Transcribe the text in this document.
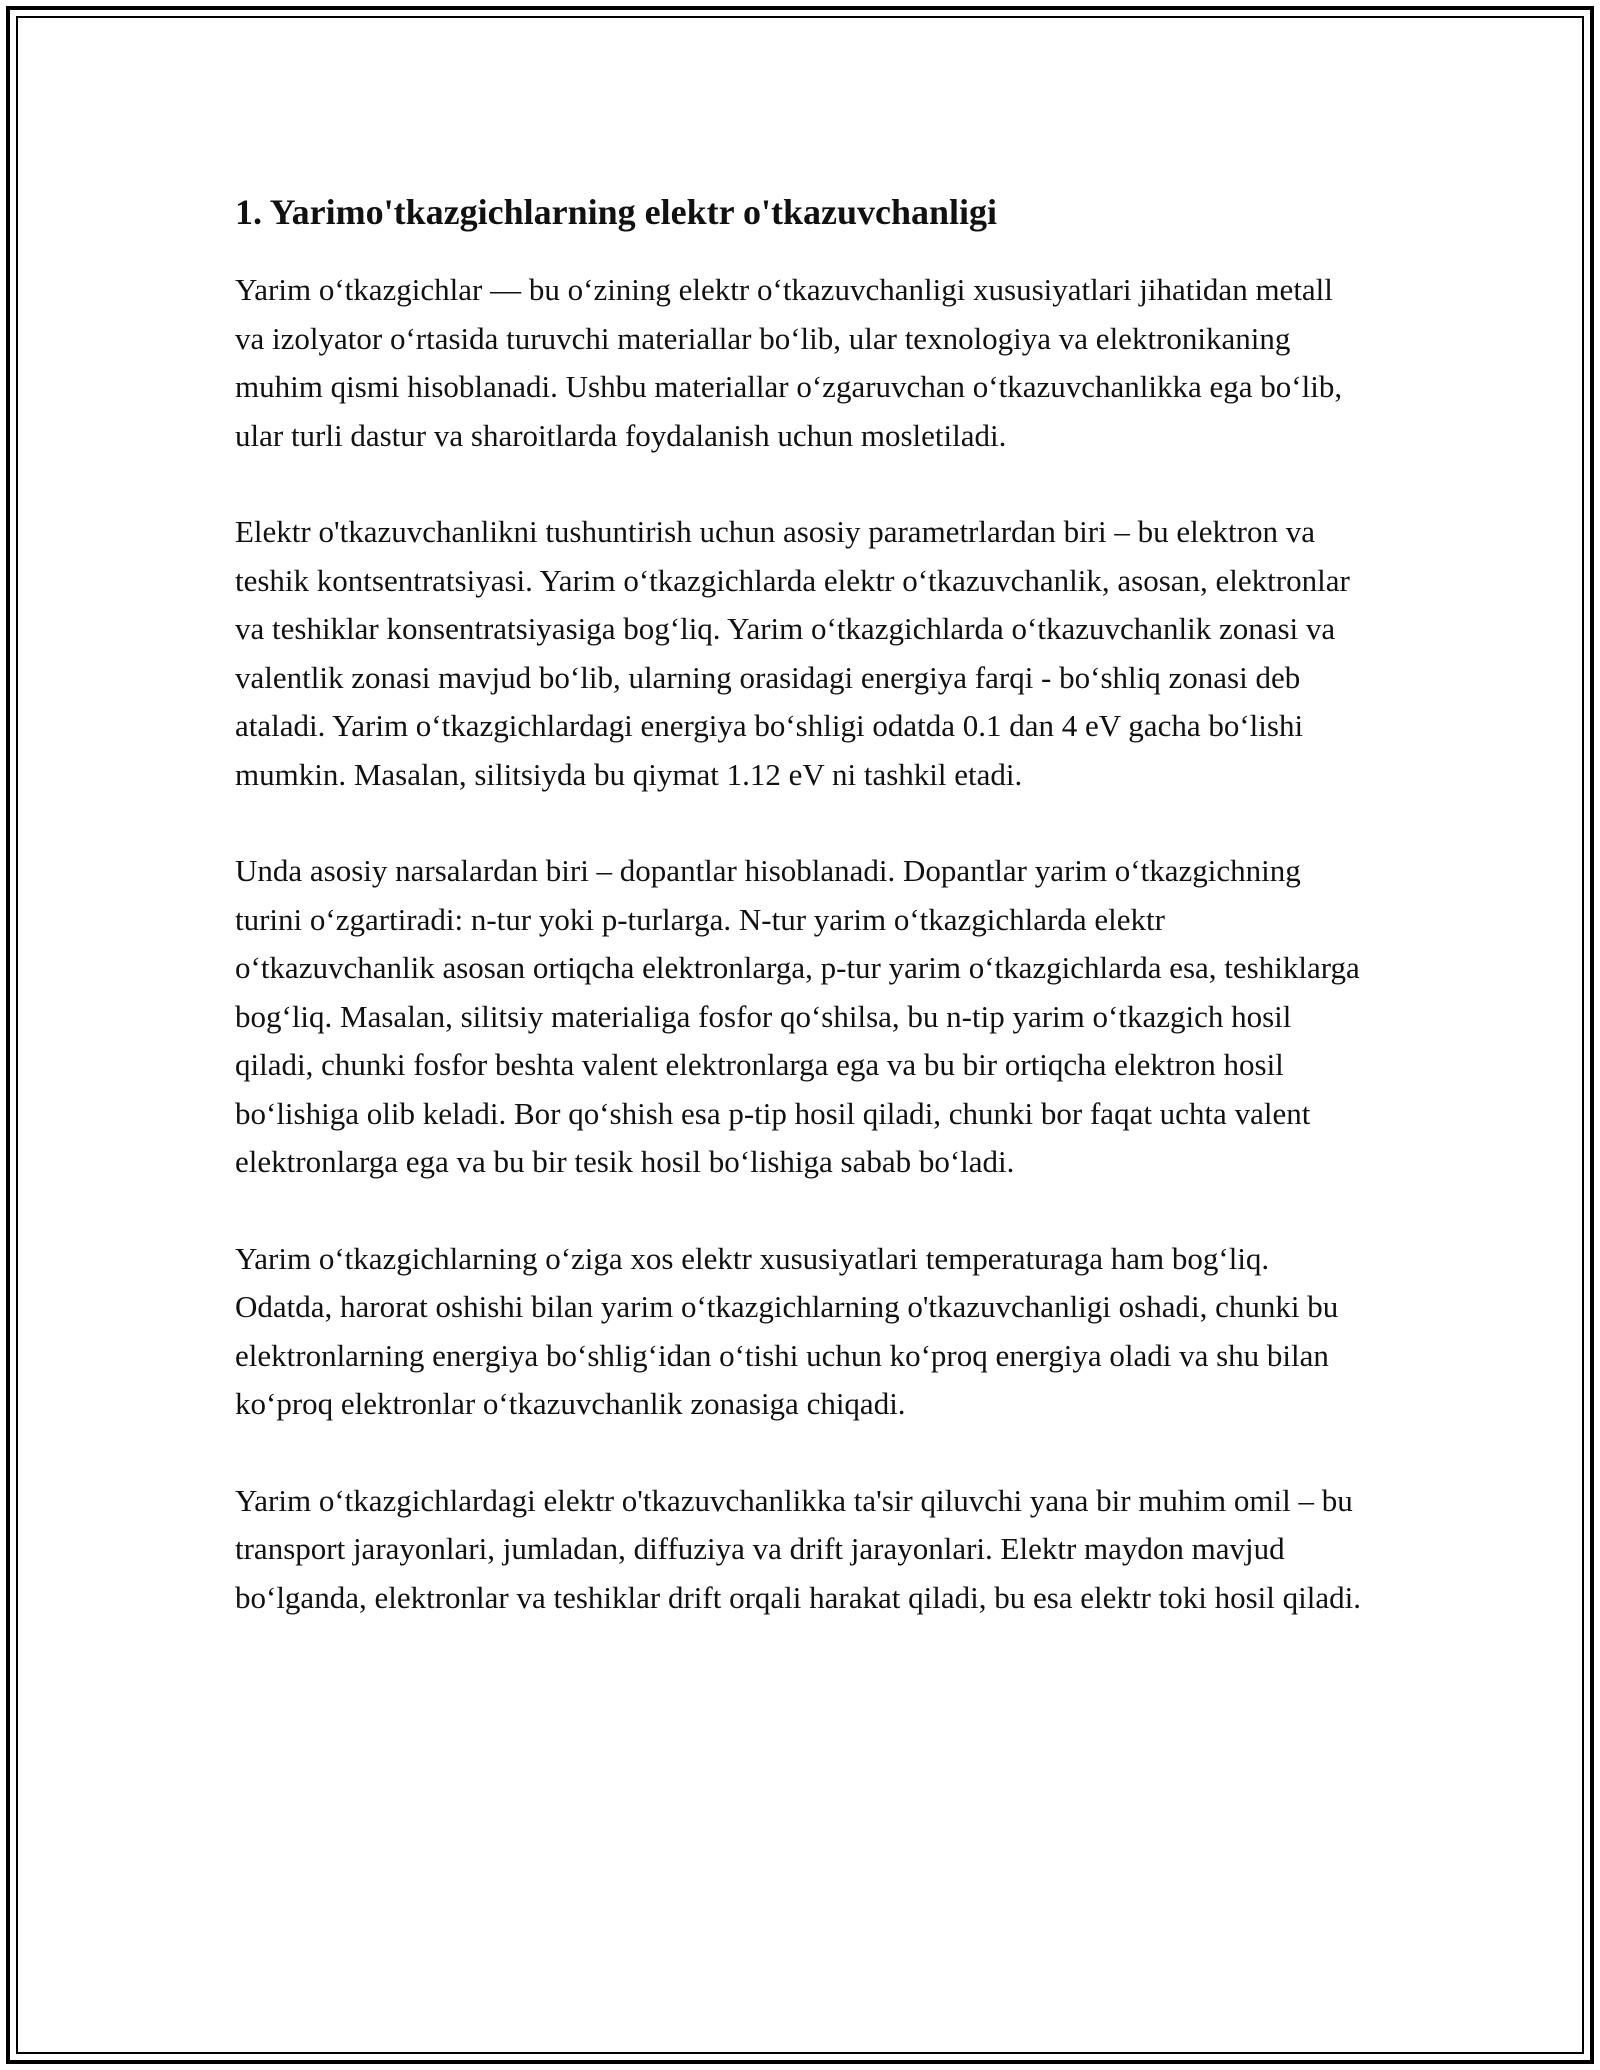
1. Yarimo'tkazgichlarning elektr o'tkazuvchanligi

Yarim o‘tkazgichlar — bu o‘zining elektr o‘tkazuvchanligi xususiyatlari jihatidan metall va izolyator o‘rtasida turuvchi materiallar bo‘lib, ular texnologiya va elektronikaning muhim qismi hisoblanadi. Ushbu materiallar o‘zgaruvchan o‘tkazuvchanlikka ega bo‘lib, ular turli dastur va sharoitlarda foydalanish uchun mosletiladi.

Elektr o'tkazuvchanlikni tushuntirish uchun asosiy parametrlardan biri – bu elektron va teshik kontsentratsiyasi. Yarim o‘tkazgichlarda elektr o‘tkazuvchanlik, asosan, elektronlar va teshiklar konsentratsiyasiga bog‘liq. Yarim o‘tkazgichlarda o‘tkazuvchanlik zonasi va valentlik zonasi mavjud bo‘lib, ularning orasidagi energiya farqi - bo‘shliq zonasi deb ataladi. Yarim o‘tkazgichlardagi energiya bo‘shligi odatda 0.1 dan 4 eV gacha bo‘lishi mumkin. Masalan, silitsiyda bu qiymat 1.12 eV ni tashkil etadi.

Unda asosiy narsalardan biri – dopantlar hisoblanadi. Dopantlar yarim o‘tkazgichning turini o‘zgartiradi: n-tur yoki p-turlarga. N-tur yarim o‘tkazgichlarda elektr o‘tkazuvchanlik asosan ortiqcha elektronlarga, p-tur yarim o‘tkazgichlarda esa, teshiklarga bog‘liq. Masalan, silitsiy materialiga fosfor qo‘shilsa, bu n-tip yarim o‘tkazgich hosil qiladi, chunki fosfor beshta valent elektronlarga ega va bu bir ortiqcha elektron hosil bo‘lishiga olib keladi. Bor qo‘shish esa p-tip hosil qiladi, chunki bor faqat uchta valent elektronlarga ega va bu bir tesik hosil bo‘lishiga sabab bo‘ladi.

Yarim o‘tkazgichlarning o‘ziga xos elektr xususiyatlari temperaturaga ham bog‘liq. Odatda, harorat oshishi bilan yarim o‘tkazgichlarning o'tkazuvchanligi oshadi, chunki bu elektronlarning energiya bo‘shlig‘idan o‘tishi uchun ko‘proq energiya oladi va shu bilan ko‘proq elektronlar o‘tkazuvchanlik zonasiga chiqadi.

Yarim o‘tkazgichlardagi elektr o'tkazuvchanlikka ta'sir qiluvchi yana bir muhim omil – bu transport jarayonlari, jumladan, diffuziya va drift jarayonlari. Elektr maydon mavjud bo‘lganda, elektronlar va teshiklar drift orqali harakat qiladi, bu esa elektr toki hosil qiladi.
